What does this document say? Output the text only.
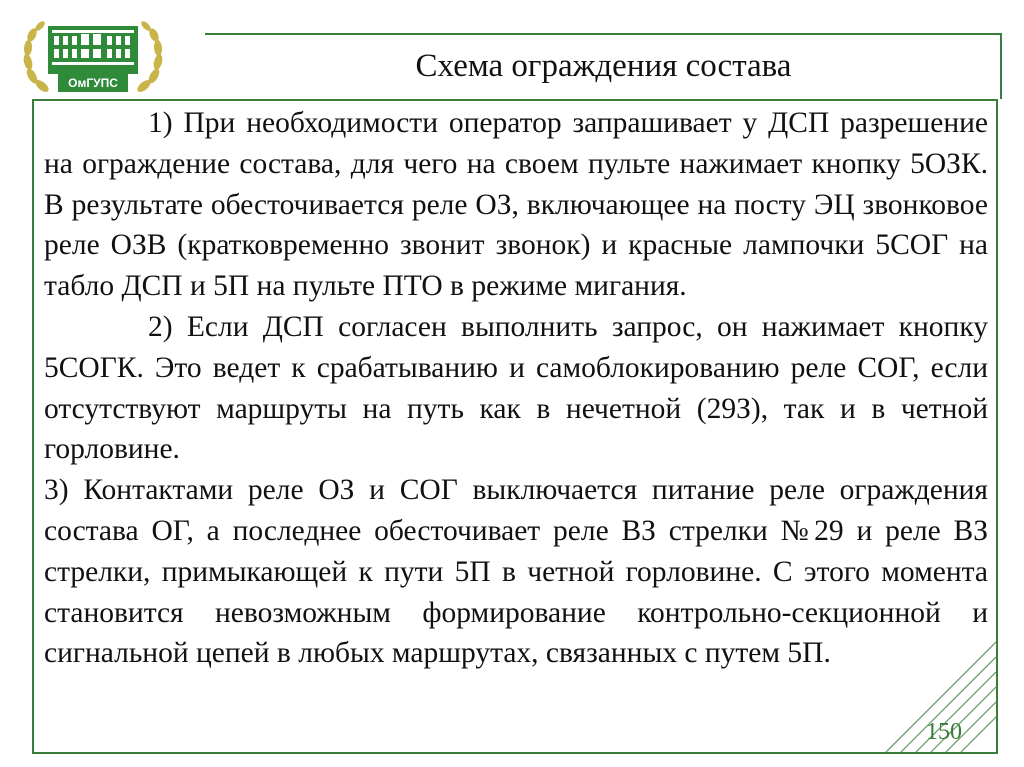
ОмГУПС	Схема ограждения состава

1) При необходимости оператор запрашивает у ДСП разрешение на ограждение состава, для чего на своем пульте нажимает кнопку 5ОЗК. В результате обесточивается реле ОЗ, включающее на посту ЭЦ звонковое реле ОЗВ (кратковременно звонит звонок) и красные лампочки 5СОГ на табло ДСП и 5П на пульте ПТО в режиме мигания.

2) Если ДСП согласен выполнить запрос, он нажимает кнопку 5СОГК. Это ведет к срабатыванию и самоблокированию реле СОГ, если отсутствуют маршруты на путь как в нечетной (29З), так и в четной горловине.

3) Контактами реле ОЗ и СОГ выключается питание реле ограждения состава ОГ, а последнее обесточивает реле ВЗ стрелки №29 и реле ВЗ стрелки, примыкающей к пути 5П в четной горловине. С этого момента становится невозможным формирование контрольно-секционной и сигнальной цепей в любых маршрутах, связанных с путем 5П.

150
